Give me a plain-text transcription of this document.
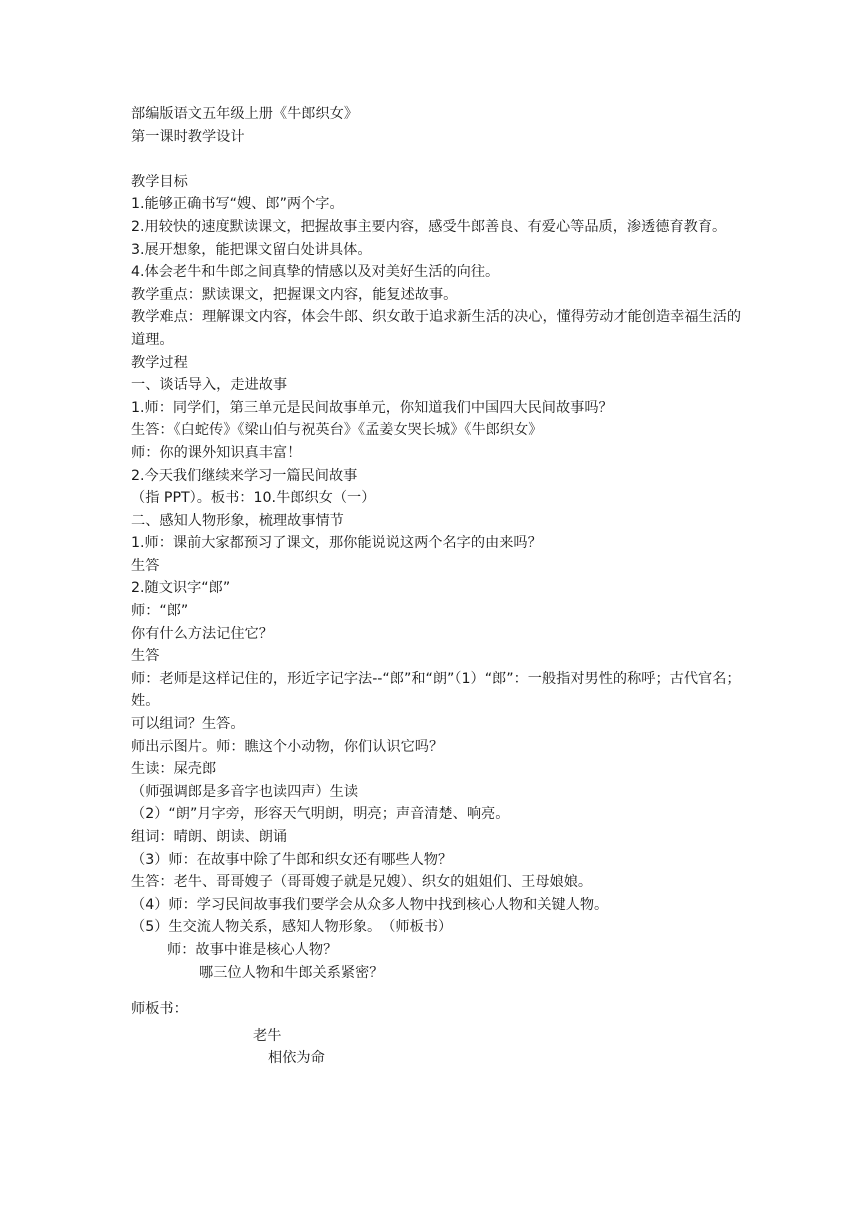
部编版语文五年级上册《牛郎织女》
第一课时教学设计
教学目标
1.能够正确书写“嫂、郎”两个字。
2.用较快的速度默读课文，把握故事主要内容，感受牛郎善良、有爱心等品质，渗透德育教育。
3.展开想象，能把课文留白处讲具体。
4.体会老牛和牛郎之间真挚的情感以及对美好生活的向往。
教学重点：默读课文，把握课文内容，能复述故事。
教学难点：理解课文内容，体会牛郎、织女敢于追求新生活的决心，懂得劳动才能创造幸福生活的道理。
教学过程
一、谈话导入，走进故事
1.师：同学们，第三单元是民间故事单元，你知道我们中国四大民间故事吗？
生答：《白蛇传》《梁山伯与祝英台》《孟姜女哭长城》《牛郎织女》
师：你的课外知识真丰富！
2.今天我们继续来学习一篇民间故事
（指 PPT）。板书：10.牛郎织女（一）
二、感知人物形象，梳理故事情节
1.师：课前大家都预习了课文，那你能说说这两个名字的由来吗？
生答
2.随文识字“郎”
师：“郎”
你有什么方法记住它？
生答
师：老师是这样记住的，形近字记字法--“郎”和“朗”（1）“郎”：一般指对男性的称呼；古代官名；姓。
可以组词？生答。
师出示图片。师：瞧这个小动物，你们认识它吗？
生读：屎壳郎
（师强调郎是多音字也读四声）生读
（2）“朗”月字旁，形容天气明朗，明亮；声音清楚、响亮。
组词：晴朗、朗读、朗诵
（3）师：在故事中除了牛郎和织女还有哪些人物？
生答：老牛、哥哥嫂子（哥哥嫂子就是兄嫂）、织女的姐姐们、王母娘娘。
（4）师：学习民间故事我们要学会从众多人物中找到核心人物和关键人物。
（5）生交流人物关系，感知人物形象。　（师板书）
师：故事中谁是核心人物？
哪三位人物和牛郎关系紧密？
师板书：
老牛
相依为命
